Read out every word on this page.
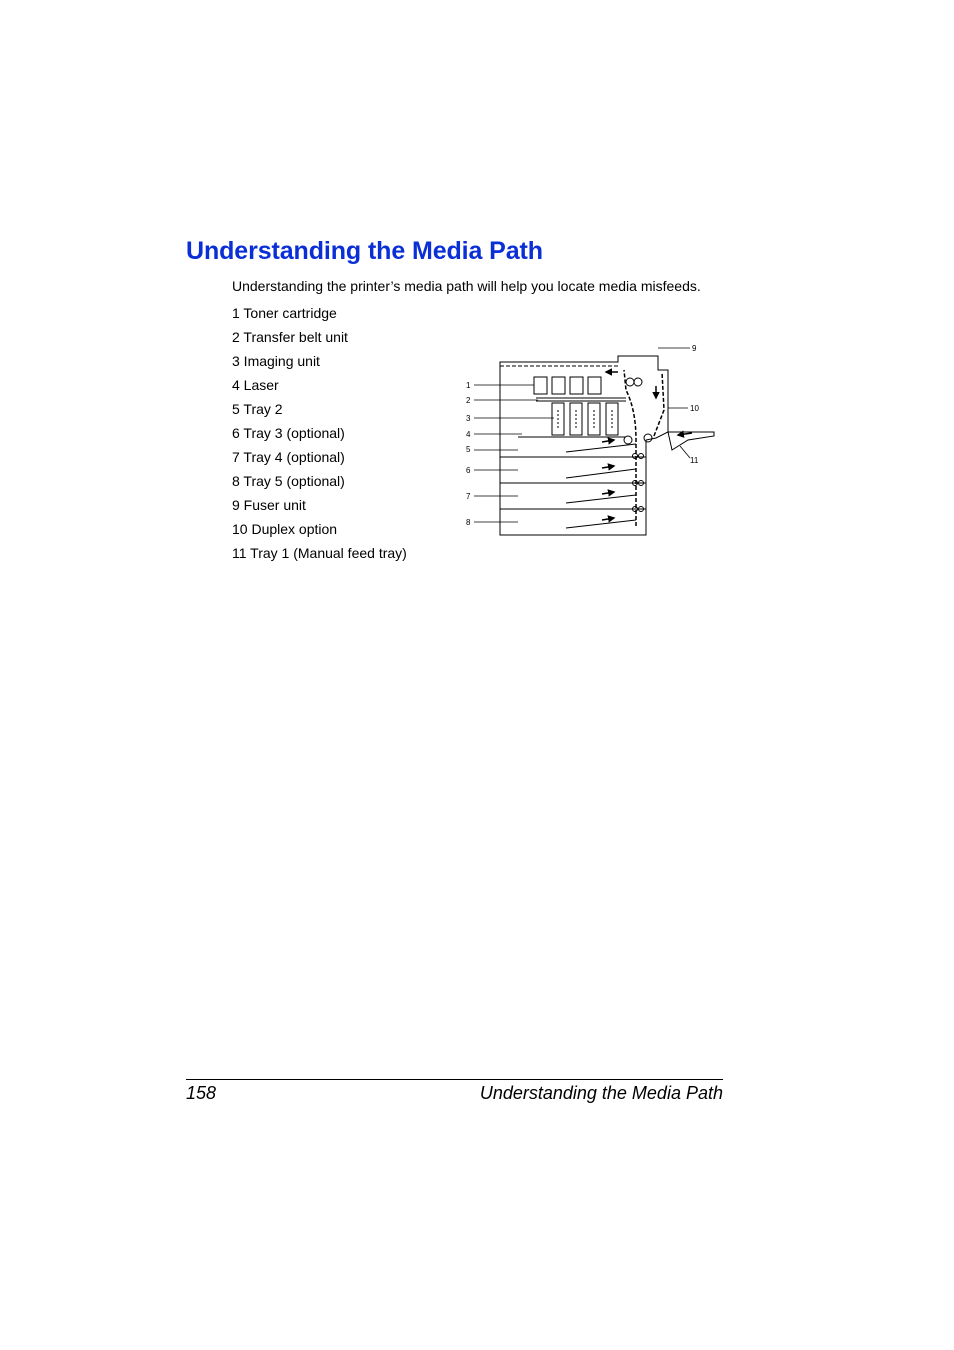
Understanding the Media Path

Understanding the printer’s media path will help you locate media misfeeds.

1 Toner cartridge
2 Transfer belt unit
3 Imaging unit
4 Laser
5 Tray 2
6 Tray 3 (optional)
7 Tray 4 (optional)
8 Tray 5 (optional)
9 Fuser unit
10 Duplex option
11 Tray 1 (Manual feed tray)
1
2
3
4
5
6
7
8
9
10
11
158	Understanding the Media Path
